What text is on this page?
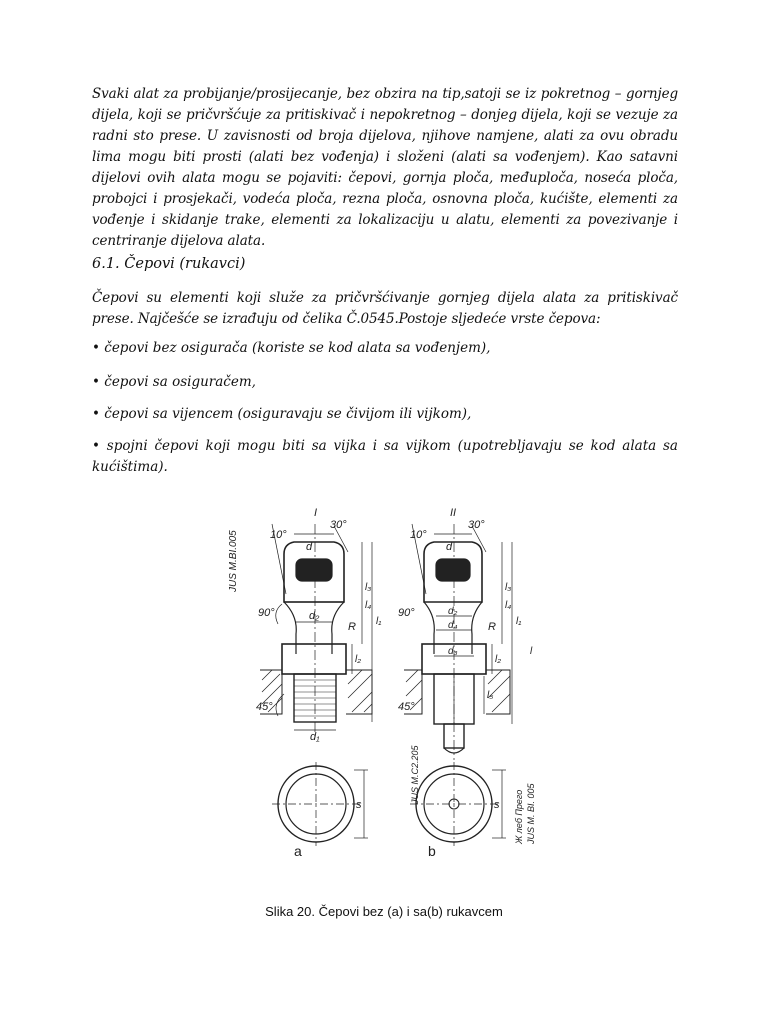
Svaki alat za probijanje/prosijecanje, bez obzira na tip,satoji se iz pokretnog – gornjeg dijela, koji se pričvršćuje za pritiskivač i nepokretnog – donjeg dijela, koji se vezuje za radni sto prese. U zavisnosti od broja dijelova, njihove namjene, alati za ovu obradu lima mogu biti prosti (alati bez vođenja) i složeni (alati sa vođenjem). Kao satavni dijelovi ovih alata mogu se pojaviti: čepovi, gornja ploča, međuploča, noseća ploča, probojci i prosjekači, vodeća ploča, rezna ploča, osnovna ploča, kućište, elementi za vođenje i skidanje trake, elementi za lokalizaciju u alatu, elementi za povezivanje i centriranje dijelova alata.

6.1. Čepovi (rukavci)

Čepovi su elementi koji služe za pričvršćivanje gornjeg dijela alata za pritiskivač prese. Najčešće se izrađuju od čelika Č.0545.Postoje sljedeće vrste čepova:

• čepovi bez osigurača (koriste se kod alata sa vođenjem),

• čepovi sa osiguračem,

• čepovi sa vijencem (osiguravaju se čivijom ili vijkom),

• spojni čepovi koji mogu biti sa vijka i sa vijkom (upotrebljavaju se kod alata sa kućištima).

I
10°
30°
d
d₂
R
d₁
90°
45°
l₄
l₃
l₁
l₂
JUS M.BI.005
II
10°
30°
d
d₂
d₄
d₃
R
90°
45°
l₄
l₃
l₁
l
l₂
l₅
JUS M.C2.205
Ж леб Прего JUS M. BI. 005
s
a
s
b

Slika 20. Čepovi bez (a) i sa(b) rukavcem
